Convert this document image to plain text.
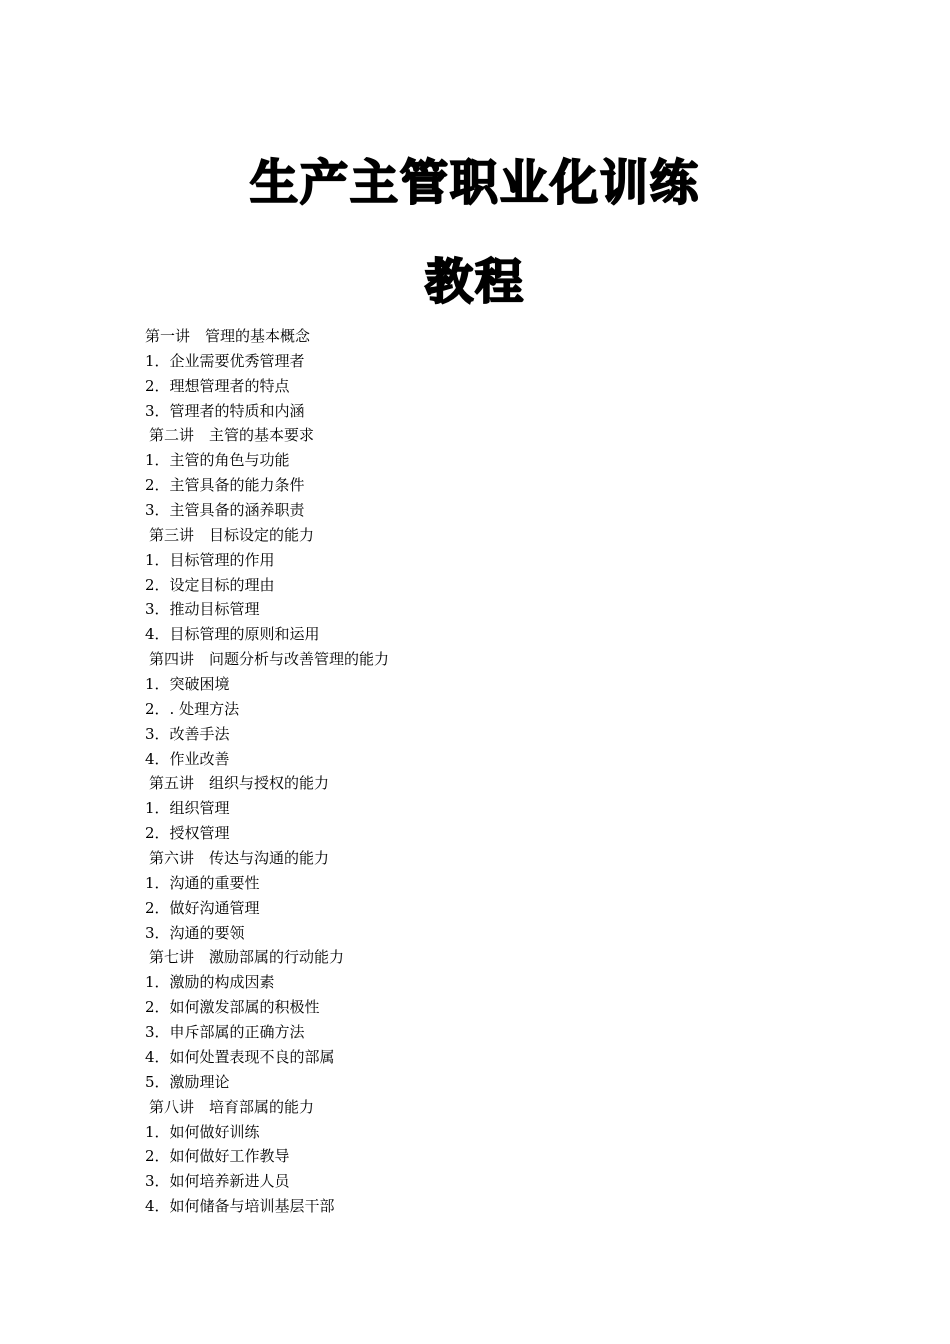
生产主管职业化训练
教程
第一讲　管理的基本概念
1．企业需要优秀管理者
2．理想管理者的特点
3．管理者的特质和内涵
第二讲　主管的基本要求
1．主管的角色与功能
2．主管具备的能力条件
3．主管具备的涵养职责
第三讲　目标设定的能力
1．目标管理的作用
2．设定目标的理由
3．推动目标管理
4．目标管理的原则和运用
第四讲　问题分析与改善管理的能力
1．突破困境
2．. 处理方法
3．改善手法
4．作业改善
第五讲　组织与授权的能力
1．组织管理
2．授权管理
第六讲　传达与沟通的能力
1．沟通的重要性
2．做好沟通管理
3．沟通的要领
第七讲　激励部属的行动能力
1．激励的构成因素
2．如何激发部属的积极性
3．申斥部属的正确方法
4．如何处置表现不良的部属
5．激励理论
第八讲　培育部属的能力
1．如何做好训练
2．如何做好工作教导
3．如何培养新进人员
4．如何储备与培训基层干部
